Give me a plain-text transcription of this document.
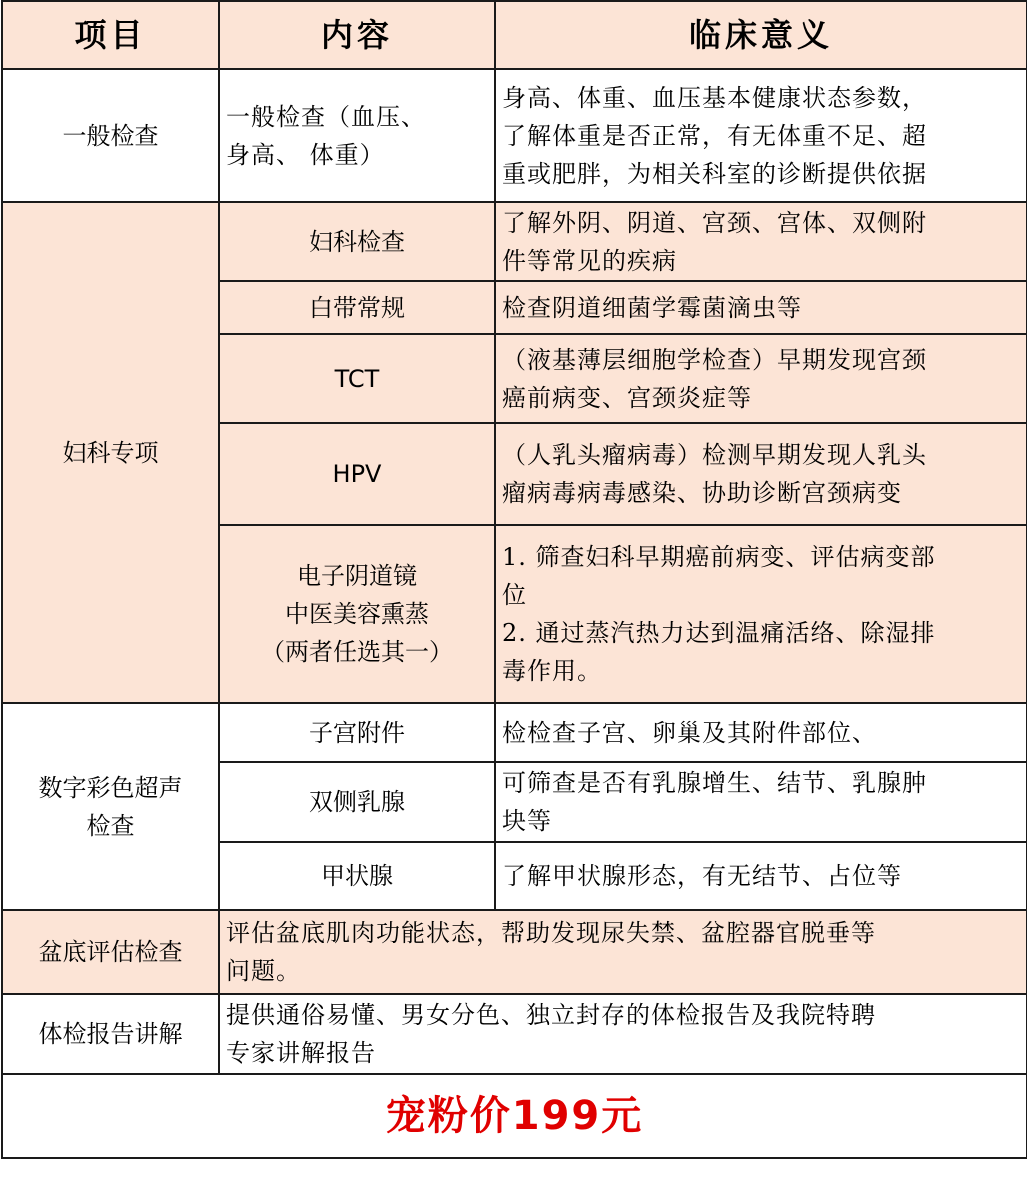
项目	内容	临床意义
一般检查	一般检查（血压、
身高、 体重）	身高、体重、血压基本健康状态参数，
了解体重是否正常，有无体重不足、超
重或肥胖，为相关科室的诊断提供依据

妇科专项	妇科检查	了解外阴、阴道、宫颈、宫体、双侧附
件等常见的疾病

	白带常规	检查阴道细菌学霉菌滴虫等
	TCT	（液基薄层细胞学检查）早期发现宫颈
癌前病变、宫颈炎症等

	HPV	（人乳头瘤病毒）检测早期发现人乳头
瘤病毒病毒感染、协助诊断宫颈病变

	电子阴道镜
中医美容熏蒸
（两者任选其一）	1. 筛查妇科早期癌前病变、评估病变部
位
2. 通过蒸汽热力达到温痛活络、除湿排
毒作用。

数字彩色超声
检查	子宫附件	检检查子宫、卵巢及其附件部位、
	双侧乳腺	可筛查是否有乳腺增生、结节、乳腺肿
块等

	甲状腺	了解甲状腺形态，有无结节、占位等
盆底评估检查	评估盆底肌肉功能状态，帮助发现尿失禁、盆腔器官脱垂等
问题。	

体检报告讲解	提供通俗易懂、男女分色、独立封存的体检报告及我院特聘
专家讲解报告	

宠粉价199元		
